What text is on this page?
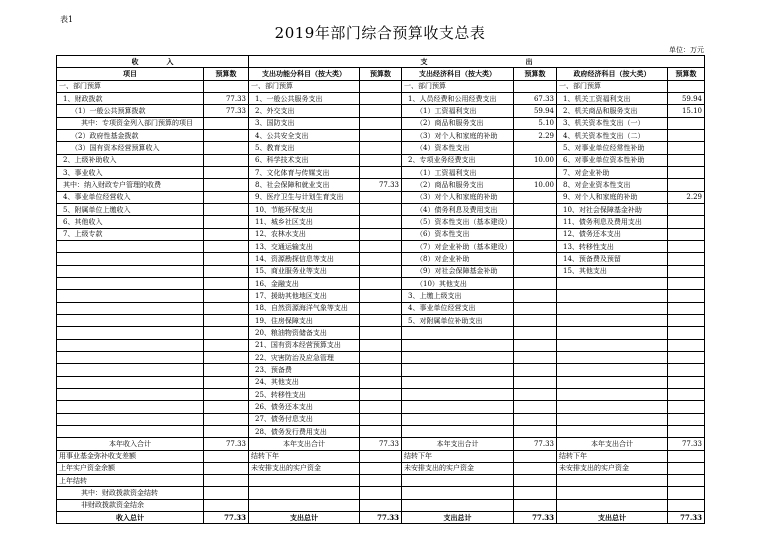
表1
2019年部门综合预算收支总表
单位：万元
收　　　　入		支　　　　　　　　　　　　　　出					
项目	预算数	支出功能分科目（按大类）	预算数	支出经济科目（按大类）	预算数	政府经济科目（按大类）	预算数
一、部门预算		一、部门预算		一、部门预算		一、部门预算	
1、财政拨款	77.33	1、一般公共服务支出		1、人员经费和公用经费支出	67.33	1、机关工资福利支出	59.94
（1）一般公共预算拨款	77.33	2、外交支出		（1）工资福利支出	59.94	2、机关商品和服务支出	15.10
其中：专项资金列入部门预算的项目		3、国防支出		（2）商品和服务支出	5.10	3、机关资本性支出（一）	
（2）政府性基金拨款		4、公共安全支出		（3）对个人和家庭的补助	2.29	4、机关资本性支出（二）	
（3）国有资本经营预算收入		5、教育支出		（4）资本性支出		5、对事业单位经常性补助	
2、上级补助收入		6、科学技术支出		2、专项业务经费支出	10.00	6、对事业单位资本性补助	
3、事业收入		7、文化体育与传媒支出		（1）工资福利支出		7、对企业补助	
其中：纳入财政专户管理的收费		8、社会保障和就业支出	77.33	（2）商品和服务支出	10.00	8、对企业资本性支出	
4、事业单位经营收入		9、医疗卫生与计划生育支出		（3）对个人和家庭的补助		9、对个人和家庭的补助	2.29
5、附属单位上缴收入		10、节能环保支出		（4）债务利息及费用支出		10、对社会保障基金补助	
6、其他收入		11、城乡社区支出		（5）资本性支出（基本建设）		11、债务利息及费用支出	
7、上级专款		12、农林水支出		（6）资本性支出		12、债务还本支出	
		13、交通运输支出		（7）对企业补助（基本建设）		13、转移性支出	
		14、资源勘探信息等支出		（8）对企业补助		14、预备费及预留	
		15、商业服务业等支出		（9）对社会保障基金补助		15、其他支出	
		16、金融支出		（10）其他支出			
		17、援助其他地区支出		3、上缴上级支出			
		18、自然资源海洋气象等支出		4、事业单位经营支出			
		19、住房保障支出		5、对附属单位补助支出			
		20、粮油物资储备支出					
		21、国有资本经营预算支出					
		22、灾害防治及应急管理					
		23、预备费					
		24、其他支出					
		25、转移性支出					
		26、债务还本支出					
		27、债务付息支出					
		28、债务发行费用支出					
本年收入合计	77.33	本年支出合计	77.33	本年支出合计	77.33	本年支出合计	77.33
用事业基金弥补收支差额		结转下年		结转下年		结转下年	
上年实户资金余额		未安排支出的实户资金		未安排支出的实户资金		未安排支出的实户资金	
上年结转							
其中：财政拨款资金结转							
非财政拨款资金结余							
收入总计	77.33	支出总计	77.33	支出总计	77.33	支出总计	77.33
